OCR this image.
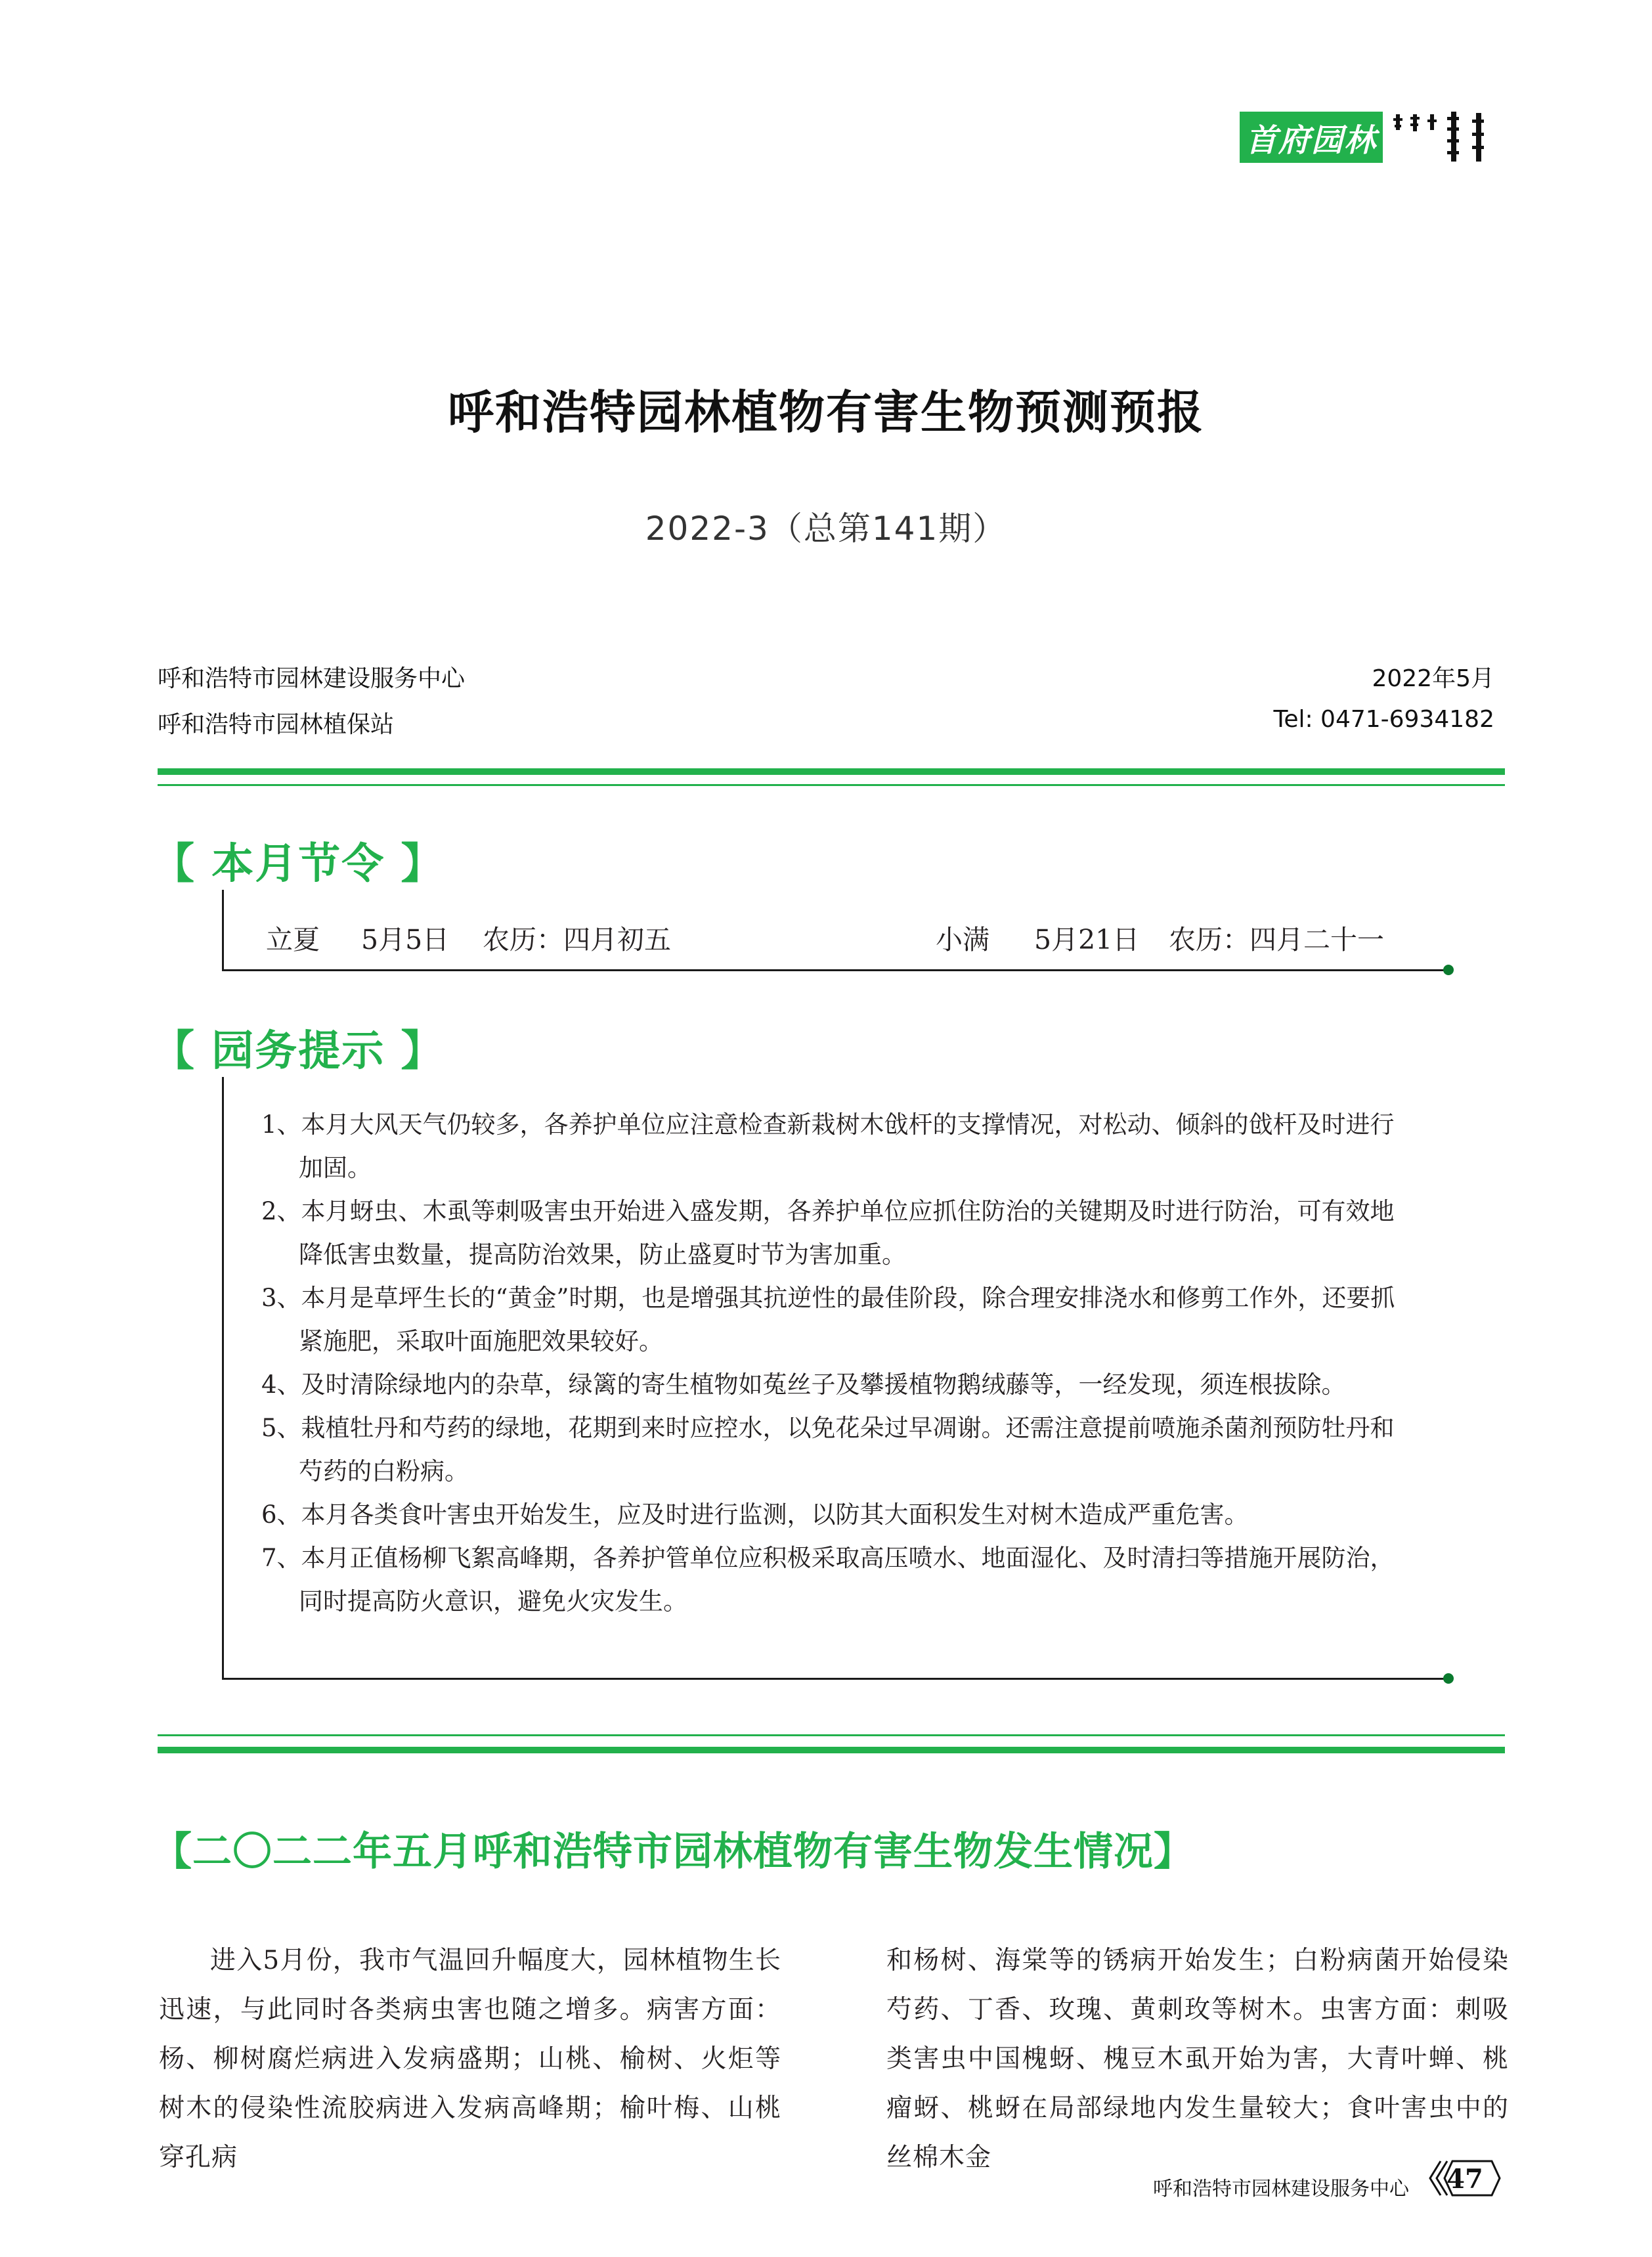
首府园林
呼和浩特园林植物有害生物预测预报
2022-3（总第141期）
呼和浩特市园林建设服务中心
呼和浩特市园林植保站
2022年5月
Tel: 0471-6934182
【 本月节令 】
立夏 5月5日 农历：四月初五	小满 5月21日 农历：四月二十一
【 园务提示 】
1、本月大风天气仍较多，各养护单位应注意检查新栽树木戗杆的支撑情况，对松动、倾斜的戗杆及时进行加固。
2、本月蚜虫、木虱等刺吸害虫开始进入盛发期，各养护单位应抓住防治的关键期及时进行防治，可有效地降低害虫数量，提高防治效果，防止盛夏时节为害加重。
3、本月是草坪生长的“黄金”时期，也是增强其抗逆性的最佳阶段，除合理安排浇水和修剪工作外，还要抓紧施肥，采取叶面施肥效果较好。
4、及时清除绿地内的杂草，绿篱的寄生植物如菟丝子及攀援植物鹅绒藤等，一经发现，须连根拔除。
5、栽植牡丹和芍药的绿地，花期到来时应控水，以免花朵过早凋谢。还需注意提前喷施杀菌剂预防牡丹和芍药的白粉病。
6、本月各类食叶害虫开始发生，应及时进行监测，以防其大面积发生对树木造成严重危害。
7、本月正值杨柳飞絮高峰期，各养护管单位应积极采取高压喷水、地面湿化、及时清扫等措施开展防治，同时提高防火意识，避免火灾发生。
【二〇二二年五月呼和浩特市园林植物有害生物发生情况】

进入5月份，我市气温回升幅度大，园林植物生长迅速，与此同时各类病虫害也随之增多。病害方面：杨、柳树腐烂病进入发病盛期；山桃、榆树、火炬等树木的侵染性流胶病进入发病高峰期；榆叶梅、山桃穿孔病

和杨树、海棠等的锈病开始发生；白粉病菌开始侵染芍药、丁香、玫瑰、黄刺玫等树木。虫害方面：刺吸类害虫中国槐蚜、槐豆木虱开始为害，大青叶蝉、桃瘤蚜、桃蚜在局部绿地内发生量较大；食叶害虫中的丝棉木金

呼和浩特市园林建设服务中心	47
